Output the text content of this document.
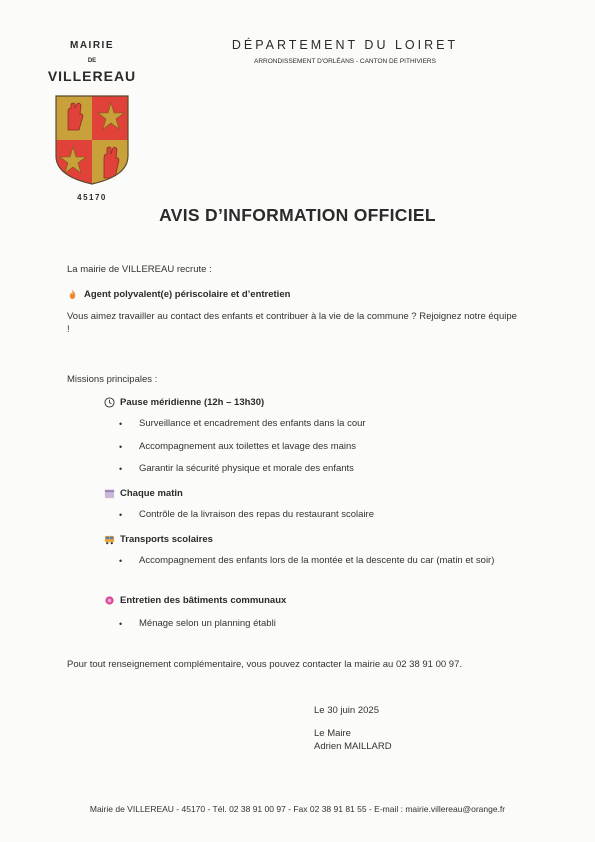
MAIRIE
DE
VILLEREAU
45170
DÉPARTEMENT DU LOIRET
ARRONDISSEMENT D'ORLÉANS - CANTON DE PITHIVIERS
AVIS D’INFORMATION OFFICIEL
La mairie de VILLEREAU recrute :
Agent polyvalent(e) périscolaire et d’entretien
Vous aimez travailler au contact des enfants et contribuer à la vie de la commune ? Rejoignez notre équipe !
Missions principales :
Pause méridienne (12h – 13h30)
•	Surveillance et encadrement des enfants dans la cour
•	Accompagnement aux toilettes et lavage des mains
•	Garantir la sécurité physique et morale des enfants
Chaque matin
•	Contrôle de la livraison des repas du restaurant scolaire
Transports scolaires
•	Accompagnement des enfants lors de la montée et la descente du car (matin et soir)
Entretien des bâtiments communaux
•	Ménage selon un planning établi
Pour tout renseignement complémentaire, vous pouvez contacter la mairie au 02 38 91 00 97.
Le 30 juin 2025
Le Maire
Adrien MAILLARD
Mairie de VILLEREAU - 45170 - Tél. 02 38 91 00 97 - Fax 02 38 91 81 55 - E-mail : mairie.villereau@orange.fr
